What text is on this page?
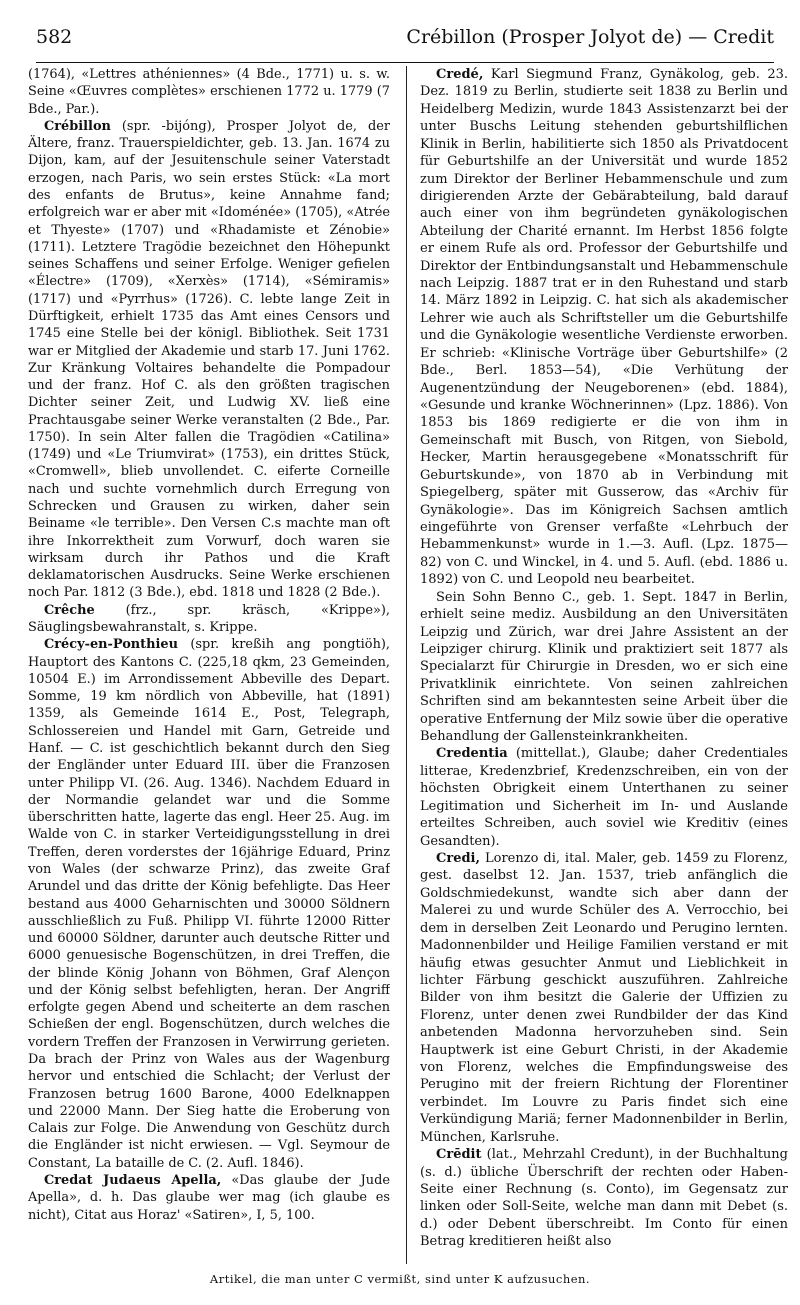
582	Crébillon (Prosper Jolyot de) — Credit

(1764), «Lettres athéniennes» (4 Bde., 1771) u. s. w. Seine «Œuvres complètes» erschienen 1772 u. 1779 (7 Bde., Par.).

Crébillon (spr. -bijóng), Prosper Jolyot de, der Ältere, franz. Trauerspieldichter, geb. 13. Jan. 1674 zu Dijon, kam, auf der Jesuitenschule seiner Vaterstadt erzogen, nach Paris, wo sein erstes Stück: «La mort des enfants de Brutus», keine Annahme fand; erfolgreich war er aber mit «Idoménée» (1705), «Atrée et Thyeste» (1707) und «Rhadamiste et Zénobie» (1711). Letztere Tragödie bezeichnet den Höhepunkt seines Schaffens und seiner Erfolge. Weniger gefielen «Électre» (1709), «Xerxès» (1714), «Sémiramis» (1717) und «Pyrrhus» (1726). C. lebte lange Zeit in Dürftigkeit, erhielt 1735 das Amt eines Censors und 1745 eine Stelle bei der königl. Bibliothek. Seit 1731 war er Mitglied der Akademie und starb 17. Juni 1762. Zur Kränkung Voltaires behandelte die Pompadour und der franz. Hof C. als den größten tragischen Dichter seiner Zeit, und Ludwig XV. ließ eine Prachtausgabe seiner Werke veranstalten (2 Bde., Par. 1750). In sein Alter fallen die Tragödien «Catilina» (1749) und «Le Triumvirat» (1753), ein drittes Stück, «Cromwell», blieb unvollendet. C. eiferte Corneille nach und suchte vornehmlich durch Erregung von Schrecken und Grausen zu wirken, daher sein Beiname «le terrible». Den Versen C.s machte man oft ihre Inkorrektheit zum Vorwurf, doch waren sie wirksam durch ihr Pathos und die Kraft deklamatorischen Ausdrucks. Seine Werke erschienen noch Par. 1812 (3 Bde.), ebd. 1818 und 1828 (2 Bde.).

Crêche (frz., spr. kräsch, «Krippe»), Säuglingsbewahranstalt, s. Krippe.

Crécy-en-Ponthieu (spr. kreßih ang pongtiöh), Hauptort des Kantons C. (225,18 qkm, 23 Gemeinden, 10504 E.) im Arrondissement Abbeville des Depart. Somme, 19 km nördlich von Abbeville, hat (1891) 1359, als Gemeinde 1614 E., Post, Telegraph, Schlossereien und Handel mit Garn, Getreide und Hanf. — C. ist geschichtlich bekannt durch den Sieg der Engländer unter Eduard III. über die Franzosen unter Philipp VI. (26. Aug. 1346). Nachdem Eduard in der Normandie gelandet war und die Somme überschritten hatte, lagerte das engl. Heer 25. Aug. im Walde von C. in starker Verteidigungsstellung in drei Treffen, deren vorderstes der 16jährige Eduard, Prinz von Wales (der schwarze Prinz), das zweite Graf Arundel und das dritte der König befehligte. Das Heer bestand aus 4000 Geharnischten und 30000 Söldnern ausschließlich zu Fuß. Philipp VI. führte 12000 Ritter und 60000 Söldner, darunter auch deutsche Ritter und 6000 genuesische Bogenschützen, in drei Treffen, die der blinde König Johann von Böhmen, Graf Alençon und der König selbst befehligten, heran. Der Angriff erfolgte gegen Abend und scheiterte an dem raschen Schießen der engl. Bogenschützen, durch welches die vordern Treffen der Franzosen in Verwirrung gerieten. Da brach der Prinz von Wales aus der Wagenburg hervor und entschied die Schlacht; der Verlust der Franzosen betrug 1600 Barone, 4000 Edelknappen und 22000 Mann. Der Sieg hatte die Eroberung von Calais zur Folge. Die Anwendung von Geschütz durch die Engländer ist nicht erwiesen. — Vgl. Seymour de Constant, La bataille de C. (2. Aufl. 1846).

Credat Judaeus Apella, «Das glaube der Jude Apella», d. h. Das glaube wer mag (ich glaube es nicht), Citat aus Horaz' «Satiren», I, 5, 100.

Credé, Karl Siegmund Franz, Gynäkolog, geb. 23. Dez. 1819 zu Berlin, studierte seit 1838 zu Berlin und Heidelberg Medizin, wurde 1843 Assistenzarzt bei der unter Buschs Leitung stehenden geburtshilflichen Klinik in Berlin, habilitierte sich 1850 als Privatdocent für Geburtshilfe an der Universität und wurde 1852 zum Direktor der Berliner Hebammenschule und zum dirigierenden Arzte der Gebärabteilung, bald darauf auch einer von ihm begründeten gynäkologischen Abteilung der Charité ernannt. Im Herbst 1856 folgte er einem Rufe als ord. Professor der Geburtshilfe und Direktor der Entbindungsanstalt und Hebammenschule nach Leipzig. 1887 trat er in den Ruhestand und starb 14. März 1892 in Leipzig. C. hat sich als akademischer Lehrer wie auch als Schriftsteller um die Geburtshilfe und die Gynäkologie wesentliche Verdienste erworben. Er schrieb: «Klinische Vorträge über Geburtshilfe» (2 Bde., Berl. 1853—54), «Die Verhütung der Augenentzündung der Neugeborenen» (ebd. 1884), «Gesunde und kranke Wöchnerinnen» (Lpz. 1886). Von 1853 bis 1869 redigierte er die von ihm in Gemeinschaft mit Busch, von Ritgen, von Siebold, Hecker, Martin herausgegebene «Monatsschrift für Geburtskunde», von 1870 ab in Verbindung mit Spiegelberg, später mit Gusserow, das «Archiv für Gynäkologie». Das im Königreich Sachsen amtlich eingeführte von Grenser verfaßte «Lehrbuch der Hebammenkunst» wurde in 1.—3. Aufl. (Lpz. 1875—82) von C. und Winckel, in 4. und 5. Aufl. (ebd. 1886 u. 1892) von C. und Leopold neu bearbeitet.

Sein Sohn Benno C., geb. 1. Sept. 1847 in Berlin, erhielt seine mediz. Ausbildung an den Universitäten Leipzig und Zürich, war drei Jahre Assistent an der Leipziger chirurg. Klinik und praktiziert seit 1877 als Specialarzt für Chirurgie in Dresden, wo er sich eine Privatklinik einrichtete. Von seinen zahlreichen Schriften sind am bekanntesten seine Arbeit über die operative Entfernung der Milz sowie über die operative Behandlung der Gallensteinkrankheiten.

Credentia (mittellat.), Glaube; daher Credentiales litterae, Kredenzbrief, Kredenzschreiben, ein von der höchsten Obrigkeit einem Unterthanen zu seiner Legitimation und Sicherheit im In- und Auslande erteiltes Schreiben, auch soviel wie Kreditiv (eines Gesandten).

Credi, Lorenzo di, ital. Maler, geb. 1459 zu Florenz, gest. daselbst 12. Jan. 1537, trieb anfänglich die Goldschmiedekunst, wandte sich aber dann der Malerei zu und wurde Schüler des A. Verrocchio, bei dem in derselben Zeit Leonardo und Perugino lernten. Madonnenbilder und Heilige Familien verstand er mit häufig etwas gesuchter Anmut und Lieblichkeit in lichter Färbung geschickt auszuführen. Zahlreiche Bilder von ihm besitzt die Galerie der Uffizien zu Florenz, unter denen zwei Rundbilder der das Kind anbetenden Madonna hervorzuheben sind. Sein Hauptwerk ist eine Geburt Christi, in der Akademie von Florenz, welches die Empfindungsweise des Perugino mit der freiern Richtung der Florentiner verbindet. Im Louvre zu Paris findet sich eine Verkündigung Mariä; ferner Madonnenbilder in Berlin, München, Karlsruhe.

Crēdit (lat., Mehrzahl Credunt), in der Buchhaltung (s. d.) übliche Überschrift der rechten oder Haben-Seite einer Rechnung (s. Conto), im Gegensatz zur linken oder Soll-Seite, welche man dann mit Debet (s. d.) oder Debent überschreibt. Im Conto für einen Betrag kreditieren heißt also

Artikel, die man unter C vermißt, sind unter K aufzusuchen.
